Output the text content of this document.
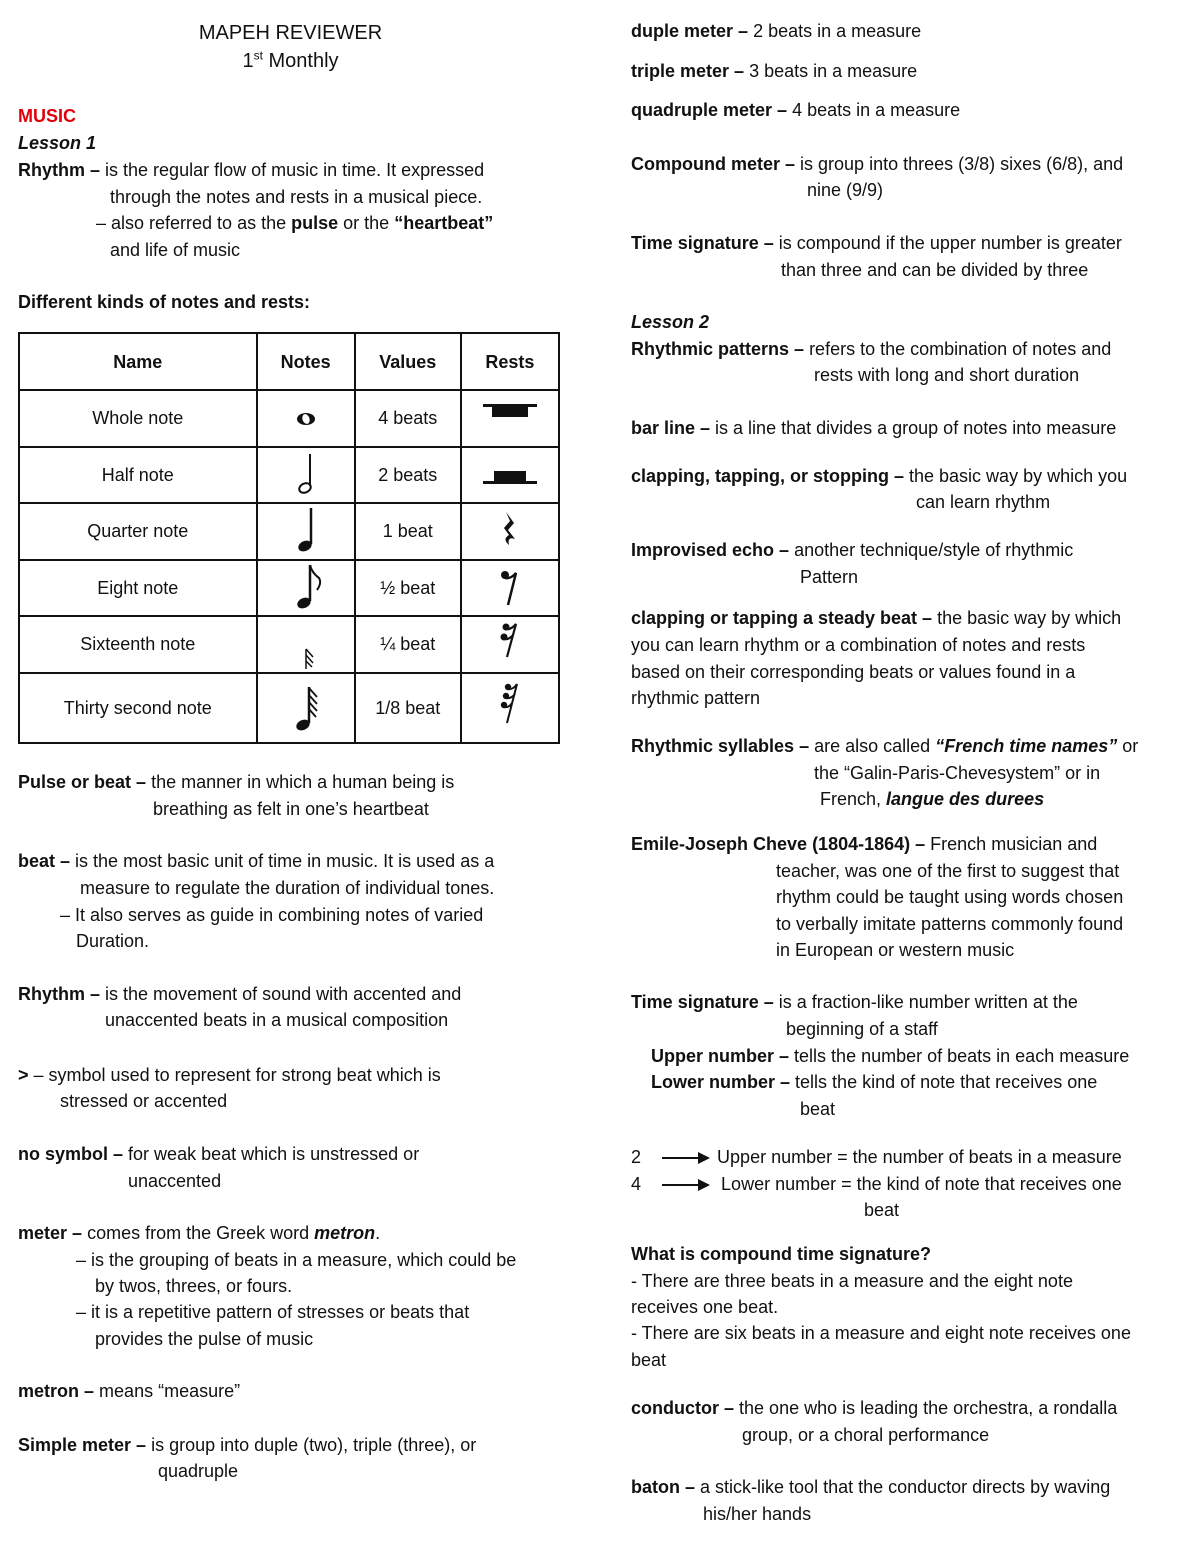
MAPEH REVIEWER
1st Monthly
MUSIC
Lesson 1
Rhythm – is the regular flow of music in time. It expressed
through the notes and rests in a musical piece.
– also referred to as the pulse or the “heartbeat”
and life of music
Different kinds of notes and rests:
Name	Notes	Values	Rests
Whole note		4 beats	
Half note		2 beats	
Quarter note		1 beat	
Eight note		½ beat	
Sixteenth note		¼ beat	
Thirty second note		1/8 beat	
Pulse or beat – the manner in which a human being is
breathing as felt in one’s heartbeat
beat – is the most basic unit of time in music. It is used as a
measure to regulate the duration of individual tones.
– It also serves as guide in combining notes of varied
Duration.
Rhythm – is the movement of sound with accented and
unaccented beats in a musical composition
> – symbol used to represent for strong beat which is
stressed or accented
no symbol – for weak beat which is unstressed or
unaccented
meter – comes from the Greek word metron.
– is the grouping of beats in a measure, which could be
by twos, threes, or fours.
– it is a repetitive pattern of stresses or beats that
provides the pulse of music
metron – means “measure”
Simple meter – is group into duple (two), triple (three), or
quadruple
duple meter – 2 beats in a measure
triple meter – 3 beats in a measure
quadruple meter – 4 beats in a measure
Compound meter – is group into threes (3/8) sixes (6/8), and
nine (9/9)
Time signature – is compound if the upper number is greater
than three and can be divided by three
Lesson 2
Rhythmic patterns – refers to the combination of notes and
rests with long and short duration
bar line – is a line that divides a group of notes into measure
clapping, tapping, or stopping – the basic way by which you
can learn rhythm
Improvised echo – another technique/style of rhythmic
Pattern
clapping or tapping a steady beat – the basic way by which
you can learn rhythm or a combination of notes and rests
based on their corresponding beats or values found in a
rhythmic pattern
Rhythmic syllables – are also called “French time names” or
the “Galin-Paris-Chevesystem” or in
French, langue des durees
Emile-Joseph Cheve (1804-1864) – French musician and
teacher, was one of the first to suggest that
rhythm could be taught using words chosen
to verbally imitate patterns commonly found
in European or western music
Time signature – is a fraction-like number written at the
beginning of a staff
Upper number – tells the number of beats in each measure
Lower number – tells the kind of note that receives one
beat
2	Upper number = the number of beats in a measure
4	Lower number = the kind of note that receives one
beat
What is compound time signature?
- There are three beats in a measure and the eight note
receives one beat.
- There are six beats in a measure and eight note receives one
beat
conductor – the one who is leading the orchestra, a rondalla
group, or a choral performance
baton – a stick-like tool that the conductor directs by waving
his/her hands
